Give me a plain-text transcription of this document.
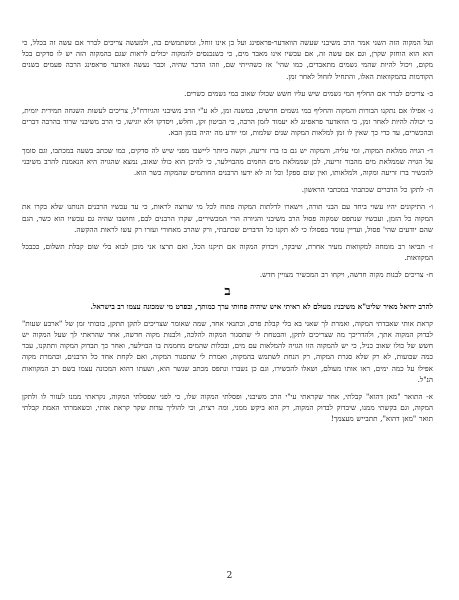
ועל המקוה הזה השני אמר הרב משיבני שעשה הוואדער-פראפינג ועל כן אינו זוחל, ומשתמשים בה, ולמעשה צריכים לברר אם עשה זה בכלל, כי הוא הוא הוחזק שקרן, וגם אם עשה זה, אם עכשיו אינו מאבד מים, כי כשנכנסים להמקוה יכולים לראות שגם בהמקוה הזה יש לו סדקים בכל מקום, ויכול להיות שהמי גשמים מתאבדים, כמו שהי' אז כשהייתי שם, וזהו הדבר שהיה, וכבר נעשה וואדער פראפינג הרבה פעמים בשנים הקודמות בהמקוואות האלו, והתחיל לזחול לאחר זמן.

ב- צריכים לברר אם החליף המי גשמים שיש עליו חשש שכולו שאוב במי גשמים כשרים.

ג- אפילו אם נתקנו הבורות והמקוה והחליף במי גשמים חדשים, במשנה זמן, לא ע"י הרב משיבני והגיורח"ל, צריכים לעשות השגחה תמידית יומית, כי יכולה להיות לאחר זמן, כי הוואדער פראפינג לא יעמוד לזמן הרבה, כי הביטון זקן, וחלש, ויסדקו ולא יוגישו, כי הרב משיבני שרוד בהרבה דברים ובהכשרים, עד כדי כך שאין לו זמן למלאות המקוה שנים שלמות, ומי יודע מה יהיה בזמן הבא.

ד- הגויה ממלאת המקוה, ומי עליה, והמקוה יש גם בו ברז זריעה, וקשה ביותר ליישבו מפני שיש לה סדקים, כמו שכתב בשעה במכתבו, וגם סומך על הגויה שממלאת מים מהבור זריעה, לכן שממלאת מים החמים מהבוילער, כי להיכן הוא כולו שאוב, נמצא שהגויה היא הנאמנת להרב משיבני להכשיר ברז זריעה ומקוה, ולמלאותו, ואין שום ספק! וכל זה לא ידעו הרבנים החותמים שהמקוה כשר הוא.

ה- לתקן כל הדברים שכתבתי במכתבי הראשון.

ו- התיקונים יהיו עשוי ביחד עם הבני תורה, וישארו לדלתות המקוה פתוח לכל מי שרוצה לראות, כי עד עכשיו הרבנים הנותנו שלא בקרו את המקוה כל הזמן, ועכשיו שנתפס שמקוה פסול הרב משיבני והגיורה הרי המכשירים, שקרו הרבנים לבם, וחושבו שהיה גם עכשיו הוא כשר, הגם שהם יודעים שהי' פסול, ועדיין עומד בפסולו כי לא תקנו כל הדברים שכתבתי, ורק שהרב מאחורי ועזרו רק עשו לראות ההקשה.

ז- תביאו רב מומחה למקוואות מעיר אחרת, שיבקר, ויבדוק המקוה אם תיקנו הכל, ואם תרצו אני מוכן לבוא בלי שום קבלת תשלום, ככבכל המקוואות.

ח- צריכים לבנות מקוה חדשה, ויקחו רב המכשיר מצויין חדש.

ב

להרב יחיאל מאיר שליט"א משיבני: מעולם לא ראיתי איש שיהיה פחותי ערך כמותך, ובפרט מי שמכונה עצמו רב בישראל.

קראת אותי שאבדתי המקוה, ואמרת לך שאני בא בלי קבלת פרס, ובתנאי אחד, שמה שאומר שצריכים לתקן תתקן, בזבותי זמן של "ארבע שעות" לבדוק המקוה אתך, ולהדריכך מה שצריכים לתקן, והבטחת לי שתסגור המקוה להלכה, ולבנות מקוה חדשה, אחר שהראתי לך שעל המקוה יש חשש של כולו שאוב כניל, כי יש להמקוה הזו הגויה להמלאות עם מים, ובכלות שהמים מחממת בו הבוילער, ואחר כך תבדוק המקוה ותתקנו, עבר כמה שבועות, לא רק שלא סגרת המקוה, רק הנחת לשתמש בהמקוה, ואמרת לי שתסגור המקוה, ואם לקחת אחד כל הרבנים, וכהמרת מקוה אפילו על כמה ימים, ראו אותו מעולם, ושאלו להכשירו, וגם כן נשברו ונתפס מכתב שנשר הוא, ושעתו דהוא המכונה עצמו בשם רב המקוואות הנ"ל.

א- התואר "מאן דהוא" קבלתי, אחר שקראתי עי"י הרב משיבני, ופסלתי המקוה שלו, כי לפני שפסלתי המקוה, נקראתי ממנו לעזור לו ולתקן המקוה, וגם בקשתי ממנו, שיבדוק לבדוק המקוה, רק הוא ביקש ממני, ומה רצית, וכי להוליך עדות שקר קראת אותי, וכשאמרתי האמת קבלתי תואר "מאן דהוא", תתבייש מעצמך!

2
